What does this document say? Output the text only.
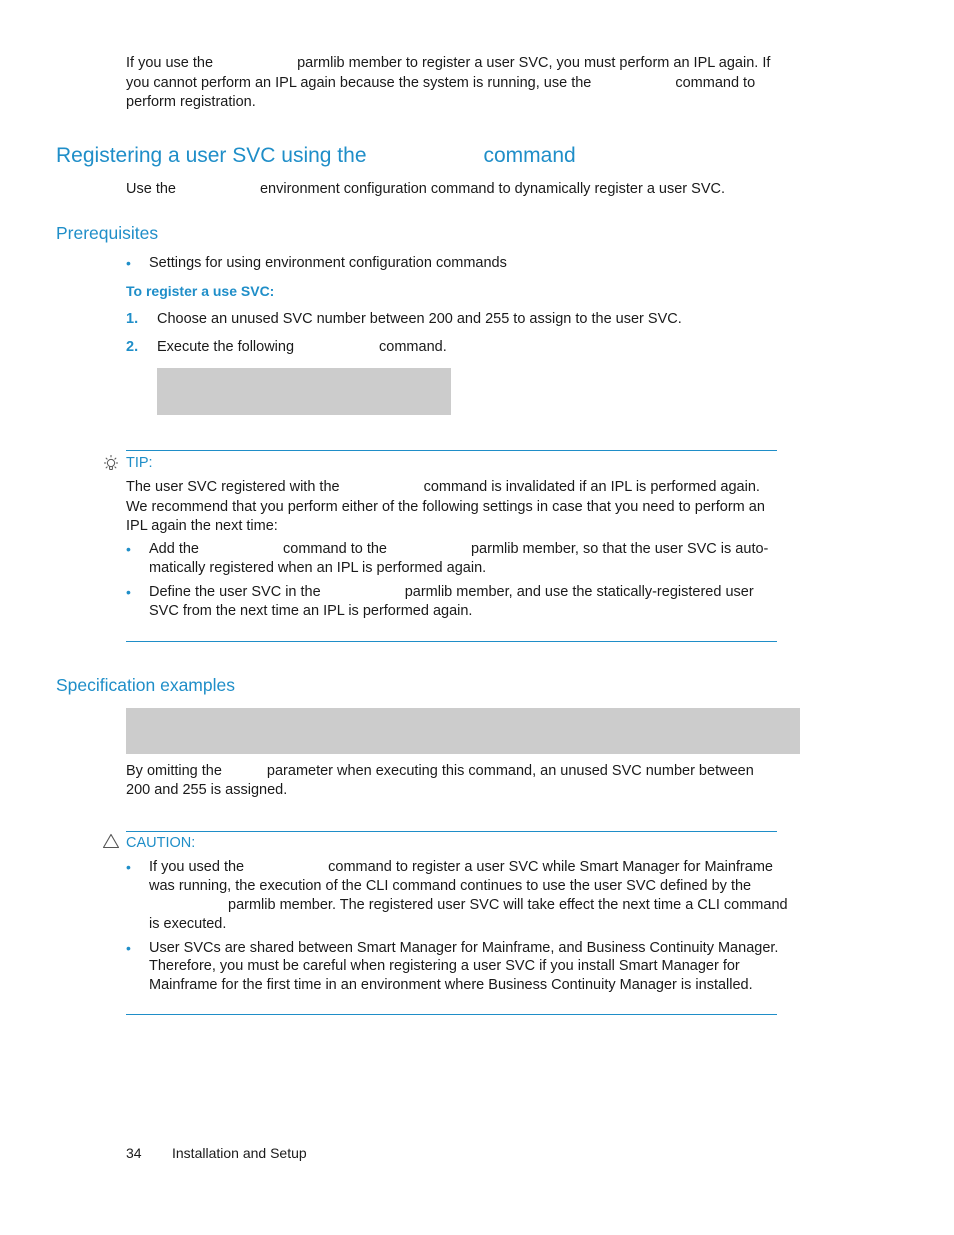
If you use the	parmlib member to register a user SVC, you must perform an IPL again. If
you cannot perform an IPL again because the system is running, use the	command to
perform registration.
Registering a user SVC using the	command
Use the	environment configuration command to dynamically register a user SVC.
Prerequisites
• Settings for using environment configuration commands
To register a use SVC:
1. Choose an unused SVC number between 200 and 255 to assign to the user SVC.
2. Execute the following	command.
TIP:
The user SVC registered with the	command is invalidated if an IPL is performed again.
We recommend that you perform either of the following settings in case that you need to perform an
IPL again the next time:
• Add the	command to the	parmlib member, so that the user SVC is auto-
matically registered when an IPL is performed again.
• Define the user SVC in the	parmlib member, and use the statically-registered user
SVC from the next time an IPL is performed again.
Specification examples
By omitting the	parameter when executing this command, an unused SVC number between
200 and 255 is assigned.
CAUTION:
• If you used the	command to register a user SVC while Smart Manager for Mainframe
was running, the execution of the CLI command continues to use the user SVC defined by the
parmlib member. The registered user SVC will take effect the next time a CLI command
is executed.
• User SVCs are shared between Smart Manager for Mainframe, and Business Continuity Manager.
Therefore, you must be careful when registering a user SVC if you install Smart Manager for
Mainframe for the first time in an environment where Business Continuity Manager is installed.
34 Installation and Setup
